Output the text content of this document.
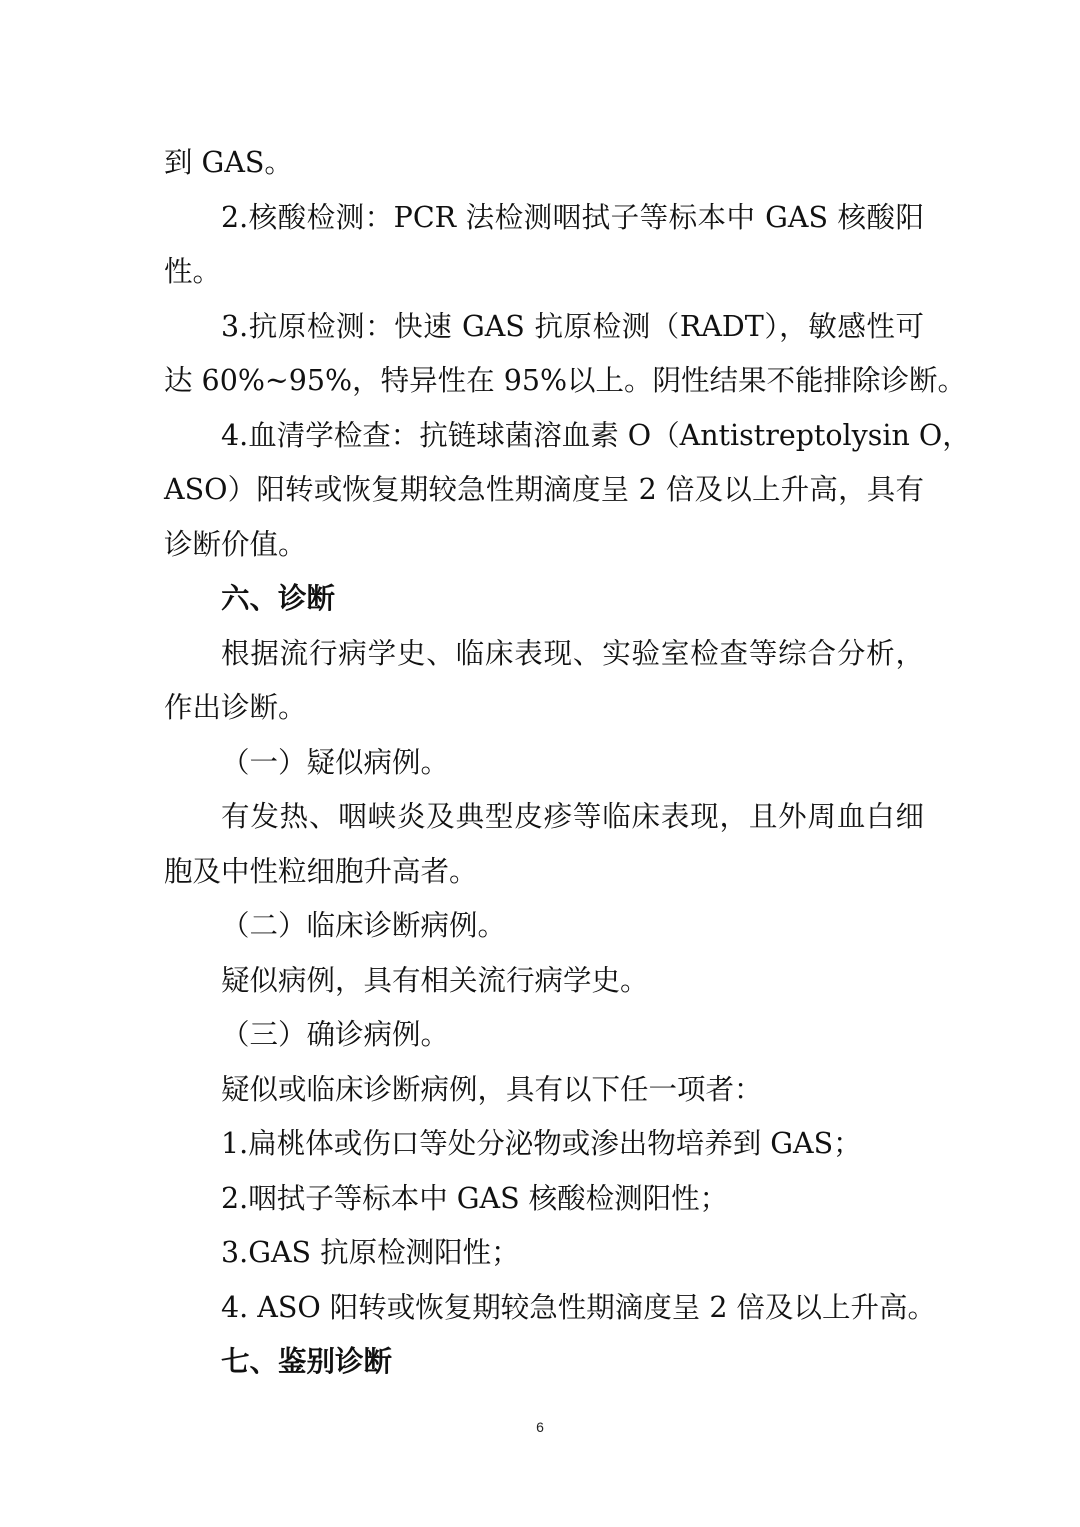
到 GAS。
2.核酸检测：PCR 法检测咽拭子等标本中 GAS 核酸阳
性。
3.抗原检测：快速 GAS 抗原检测（RADT），敏感性可
达 60%~95%，特异性在 95%以上。阴性结果不能排除诊断。
4.血清学检查：抗链球菌溶血素 O（Antistreptolysin O，
ASO）阳转或恢复期较急性期滴度呈 2 倍及以上升高，具有
诊断价值。
六、诊断
根据流行病学史、临床表现、实验室检查等综合分析，
作出诊断。
（一）疑似病例。
有发热、咽峡炎及典型皮疹等临床表现，且外周血白细
胞及中性粒细胞升高者。
（二）临床诊断病例。
疑似病例，具有相关流行病学史。
（三）确诊病例。
疑似或临床诊断病例，具有以下任一项者：
1.扁桃体或伤口等处分泌物或渗出物培养到 GAS；
2.咽拭子等标本中 GAS 核酸检测阳性；
3.GAS 抗原检测阳性；
4. ASO 阳转或恢复期较急性期滴度呈 2 倍及以上升高。
七、鉴别诊断
6
